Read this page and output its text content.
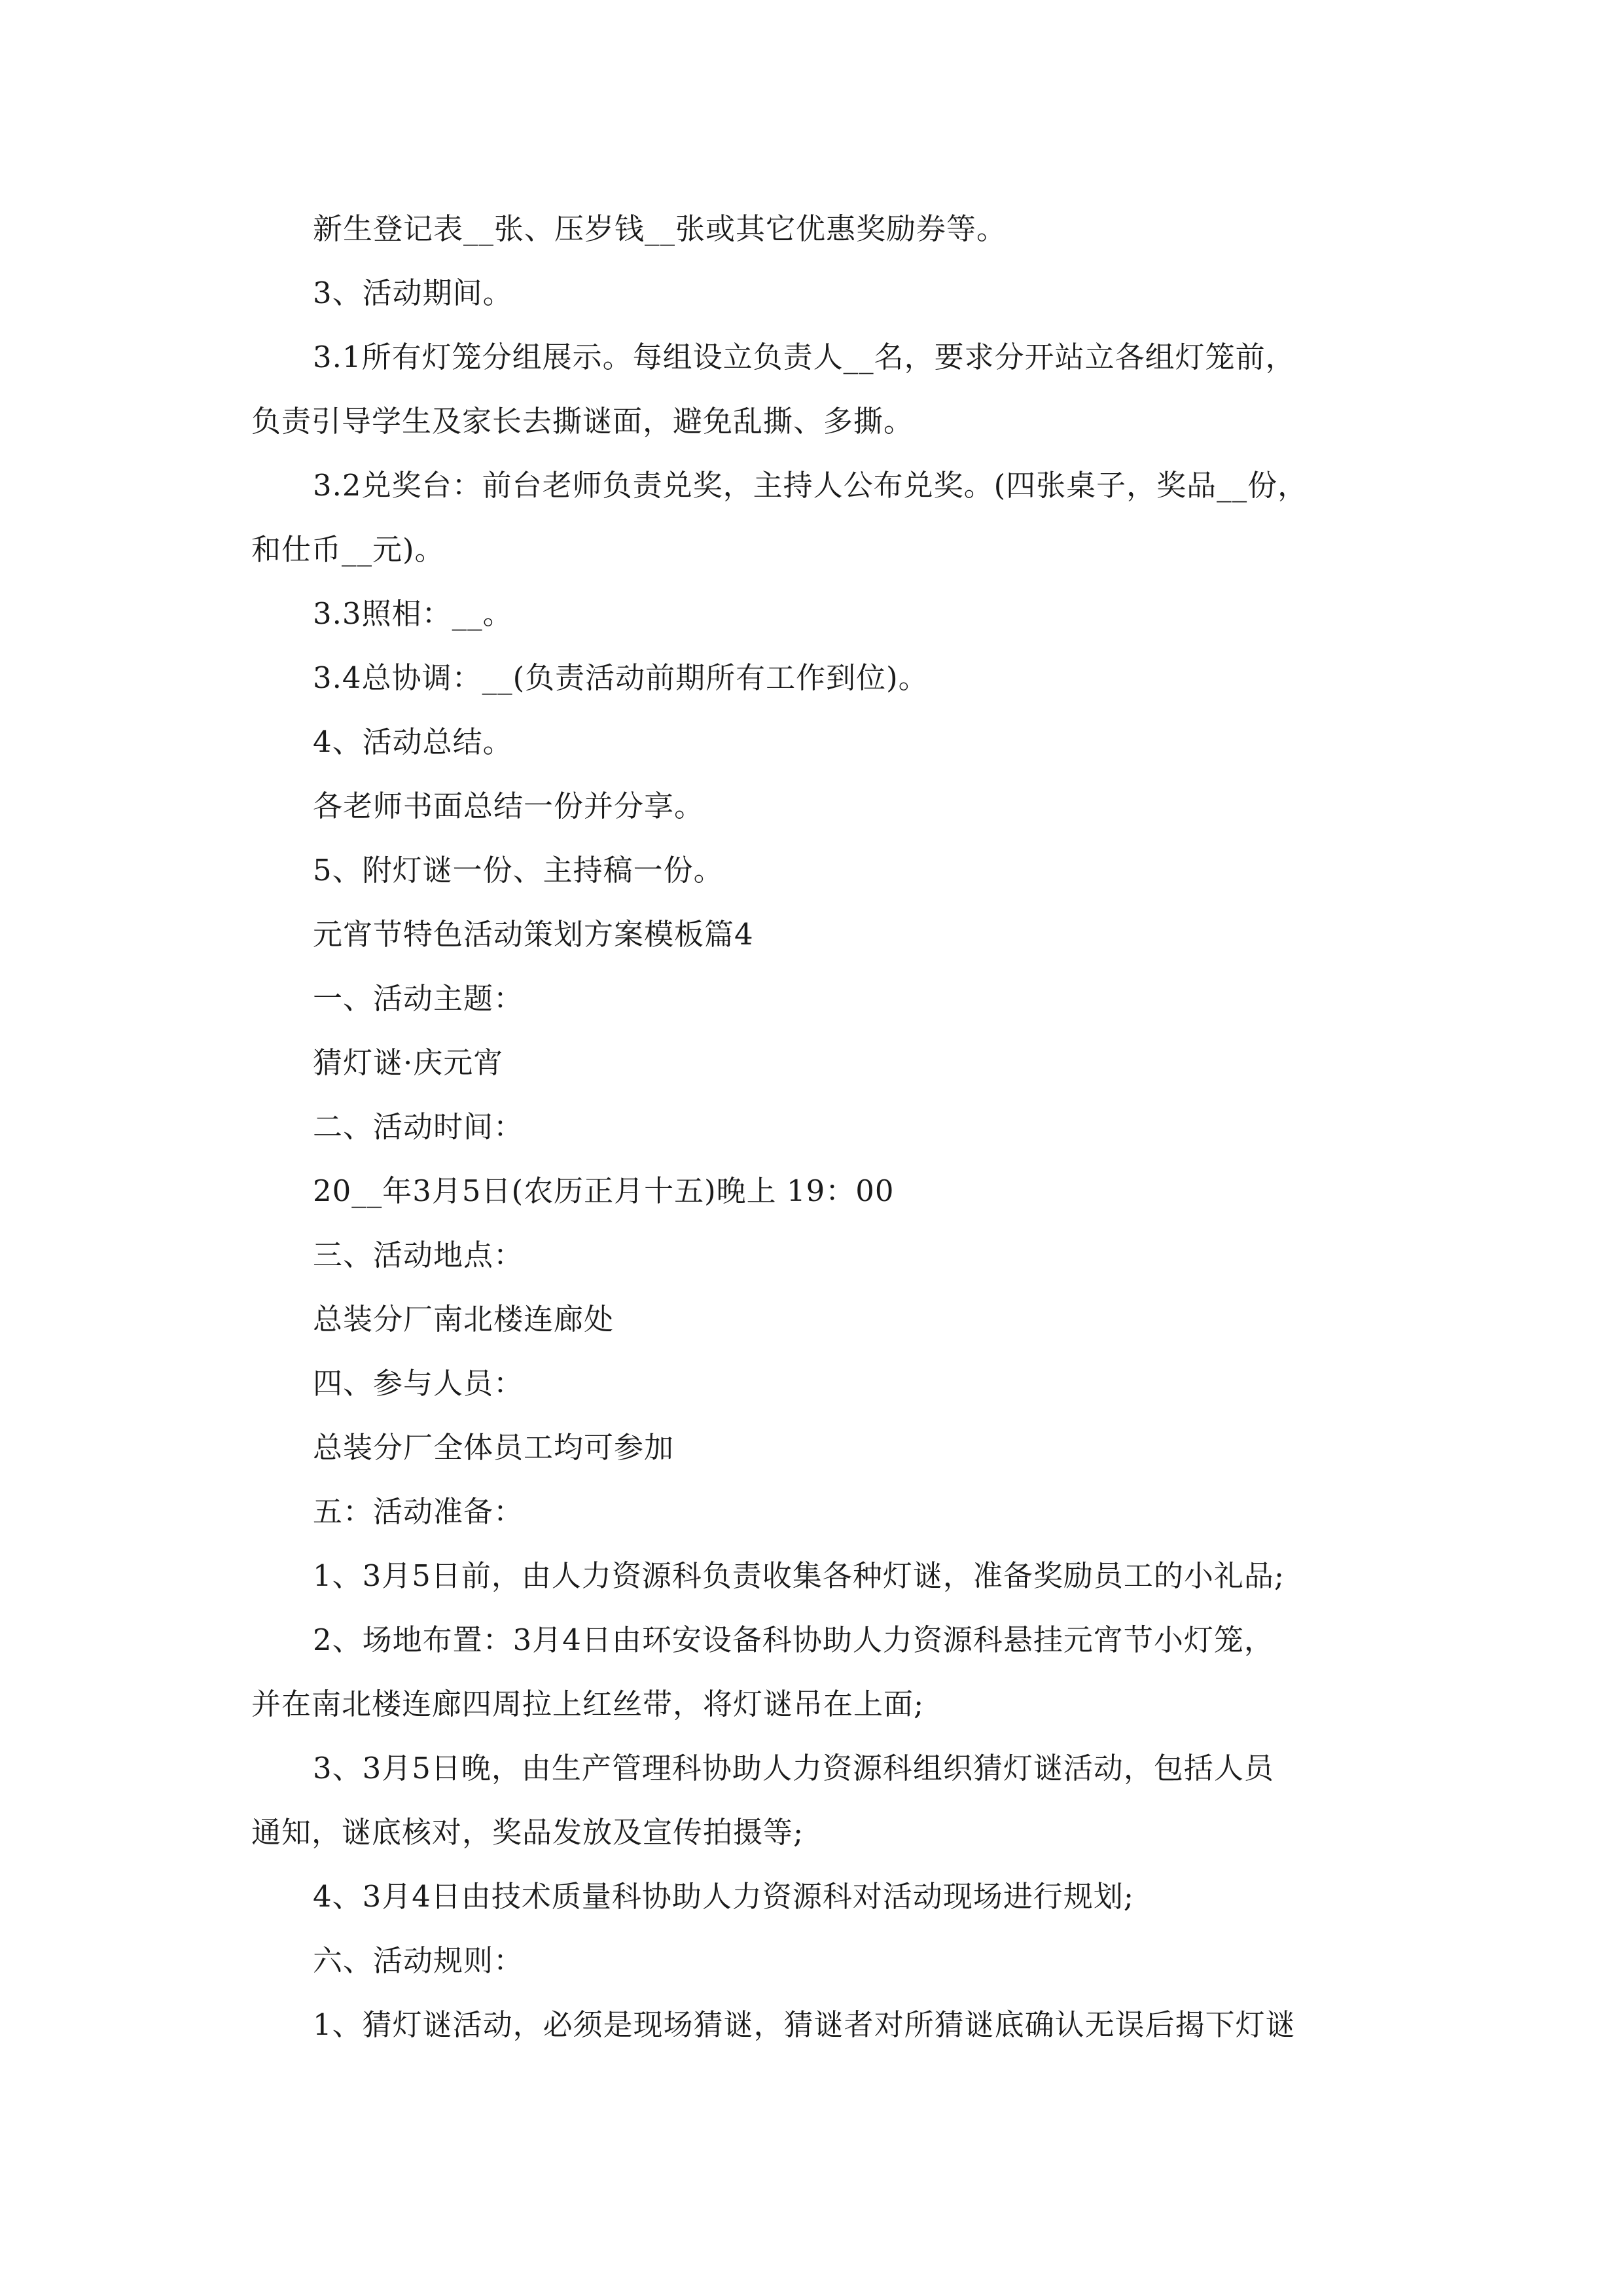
新生登记表__张、压岁钱__张或其它优惠奖励券等。
3、活动期间。
3.1所有灯笼分组展示。每组设立负责人__名，要求分开站立各组灯笼前，
负责引导学生及家长去撕谜面，避免乱撕、多撕。
3.2兑奖台：前台老师负责兑奖，主持人公布兑奖。(四张桌子，奖品__份，
和仕币__元)。
3.3照相：__。
3.4总协调：__(负责活动前期所有工作到位)。
4、活动总结。
各老师书面总结一份并分享。
5、附灯谜一份、主持稿一份。
元宵节特色活动策划方案模板篇4
一、活动主题：
猜灯谜·庆元宵
二、活动时间：
20__年3月5日(农历正月十五)晚上 19：00
三、活动地点：
总装分厂南北楼连廊处
四、参与人员：
总装分厂全体员工均可参加
五：活动准备：
1、3月5日前，由人力资源科负责收集各种灯谜，准备奖励员工的小礼品;
2、场地布置：3月4日由环安设备科协助人力资源科悬挂元宵节小灯笼，
并在南北楼连廊四周拉上红丝带，将灯谜吊在上面;
3、3月5日晚，由生产管理科协助人力资源科组织猜灯谜活动，包括人员
通知，谜底核对，奖品发放及宣传拍摄等;
4、3月4日由技术质量科协助人力资源科对活动现场进行规划;
六、活动规则：
1、猜灯谜活动，必须是现场猜谜，猜谜者对所猜谜底确认无误后揭下灯谜
